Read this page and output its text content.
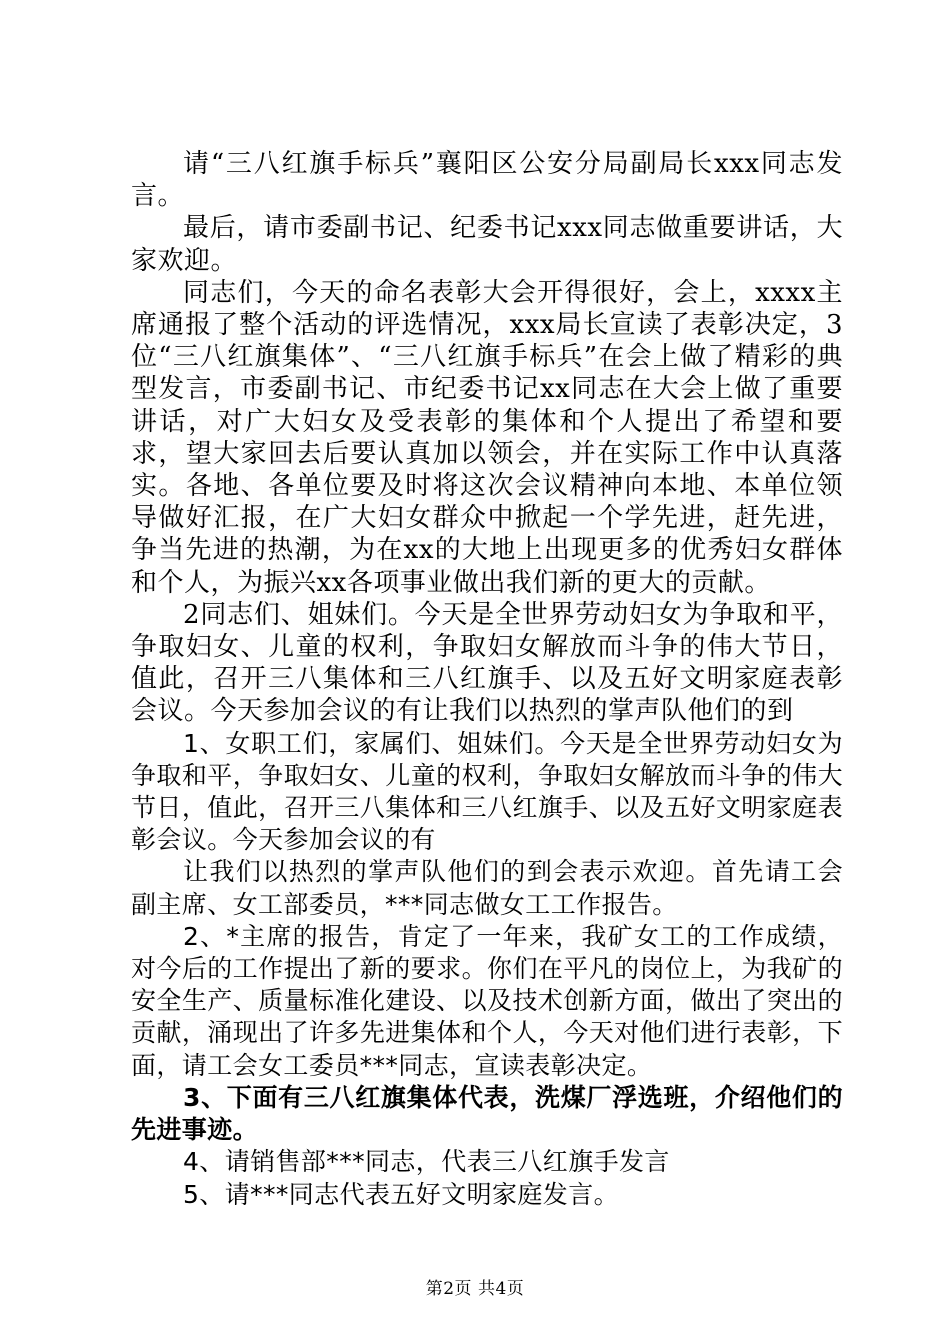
请“三八红旗手标兵”襄阳区公安分局副局长xxx同志发言。

最后，请市委副书记、纪委书记xxx同志做重要讲话，大家欢迎。

同志们，今天的命名表彰大会开得很好，会上，xxxx主席通报了整个活动的评选情况，xxx局长宣读了表彰决定，3位“三八红旗集体”、“三八红旗手标兵”在会上做了精彩的典型发言，市委副书记、市纪委书记xx同志在大会上做了重要讲话，对广大妇女及受表彰的集体和个人提出了希望和要求，望大家回去后要认真加以领会，并在实际工作中认真落实。各地、各单位要及时将这次会议精神向本地、本单位领导做好汇报，在广大妇女群众中掀起一个学先进，赶先进，争当先进的热潮，为在xx的大地上出现更多的优秀妇女群体和个人，为振兴xx各项事业做出我们新的更大的贡献。

2同志们、姐妹们。今天是全世界劳动妇女为争取和平，争取妇女、儿童的权利，争取妇女解放而斗争的伟大节日，值此，召开三八集体和三八红旗手、以及五好文明家庭表彰会议。今天参加会议的有让我们以热烈的掌声队他们的到

1、女职工们，家属们、姐妹们。今天是全世界劳动妇女为争取和平，争取妇女、儿童的权利，争取妇女解放而斗争的伟大节日，值此，召开三八集体和三八红旗手、以及五好文明家庭表彰会议。今天参加会议的有

让我们以热烈的掌声队他们的到会表示欢迎。首先请工会副主席、女工部委员，***同志做女工工作报告。

2、*主席的报告，肯定了一年来，我矿女工的工作成绩，对今后的工作提出了新的要求。你们在平凡的岗位上，为我矿的安全生产、质量标准化建设、以及技术创新方面，做出了突出的贡献，涌现出了许多先进集体和个人，今天对他们进行表彰，下面，请工会女工委员***同志，宣读表彰决定。

3、下面有三八红旗集体代表，洗煤厂浮选班，介绍他们的先进事迹。

4、请销售部***同志，代表三八红旗手发言

5、请***同志代表五好文明家庭发言。

第2页 共4页
